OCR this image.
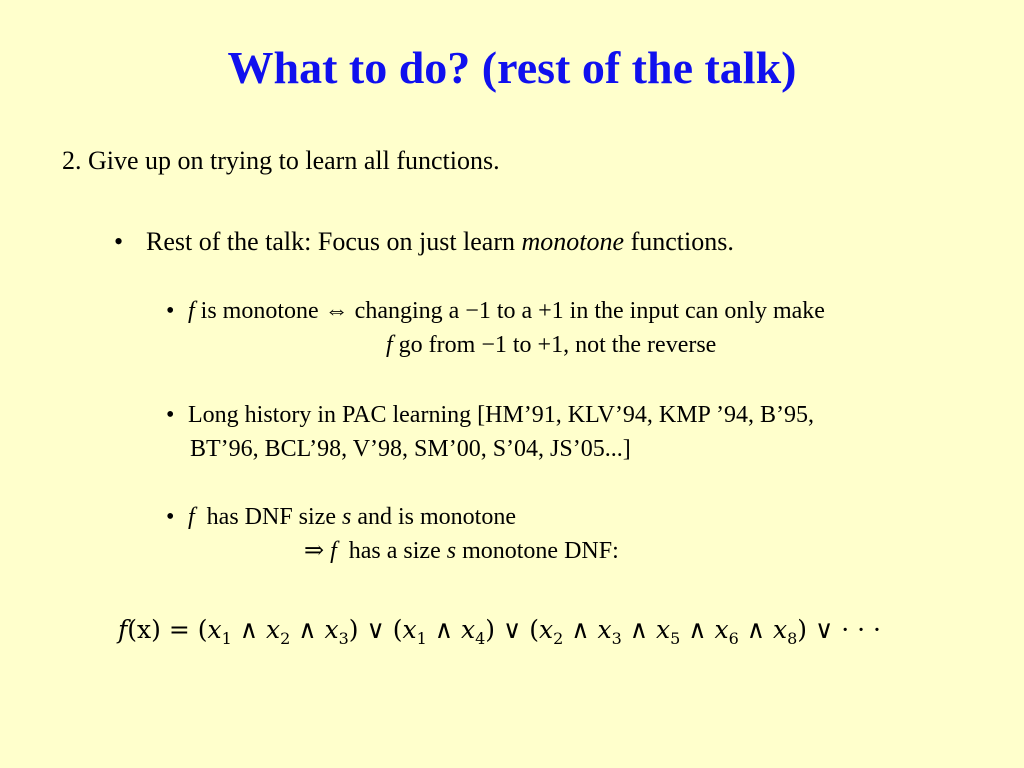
What to do? (rest of the talk)
2. Give up on trying to learn all functions.
• Rest of the talk: Focus on just learn monotone functions.
• f is monotone ⇔ changing a −1 to a +1 in the input can only make
f go from −1 to +1, not the reverse
• Long history in PAC learning [HM’91, KLV’94, KMP ’94, B’95,
BT’96, BCL’98, V’98, SM’00, S’04, JS’05...]
• f  has DNF size s and is monotone
⇒ f  has a size s monotone DNF:
$f(x) = (x_1$ ∧ $x_2$ ∧ $x_3$) ∨ ($x_1$ ∧ $x_4$) ∨ ($x_2$ ∧ $x_3$ ∧ $x_5$ ∧ $x_6$ ∧ $x_8$) ∨ · · ·
